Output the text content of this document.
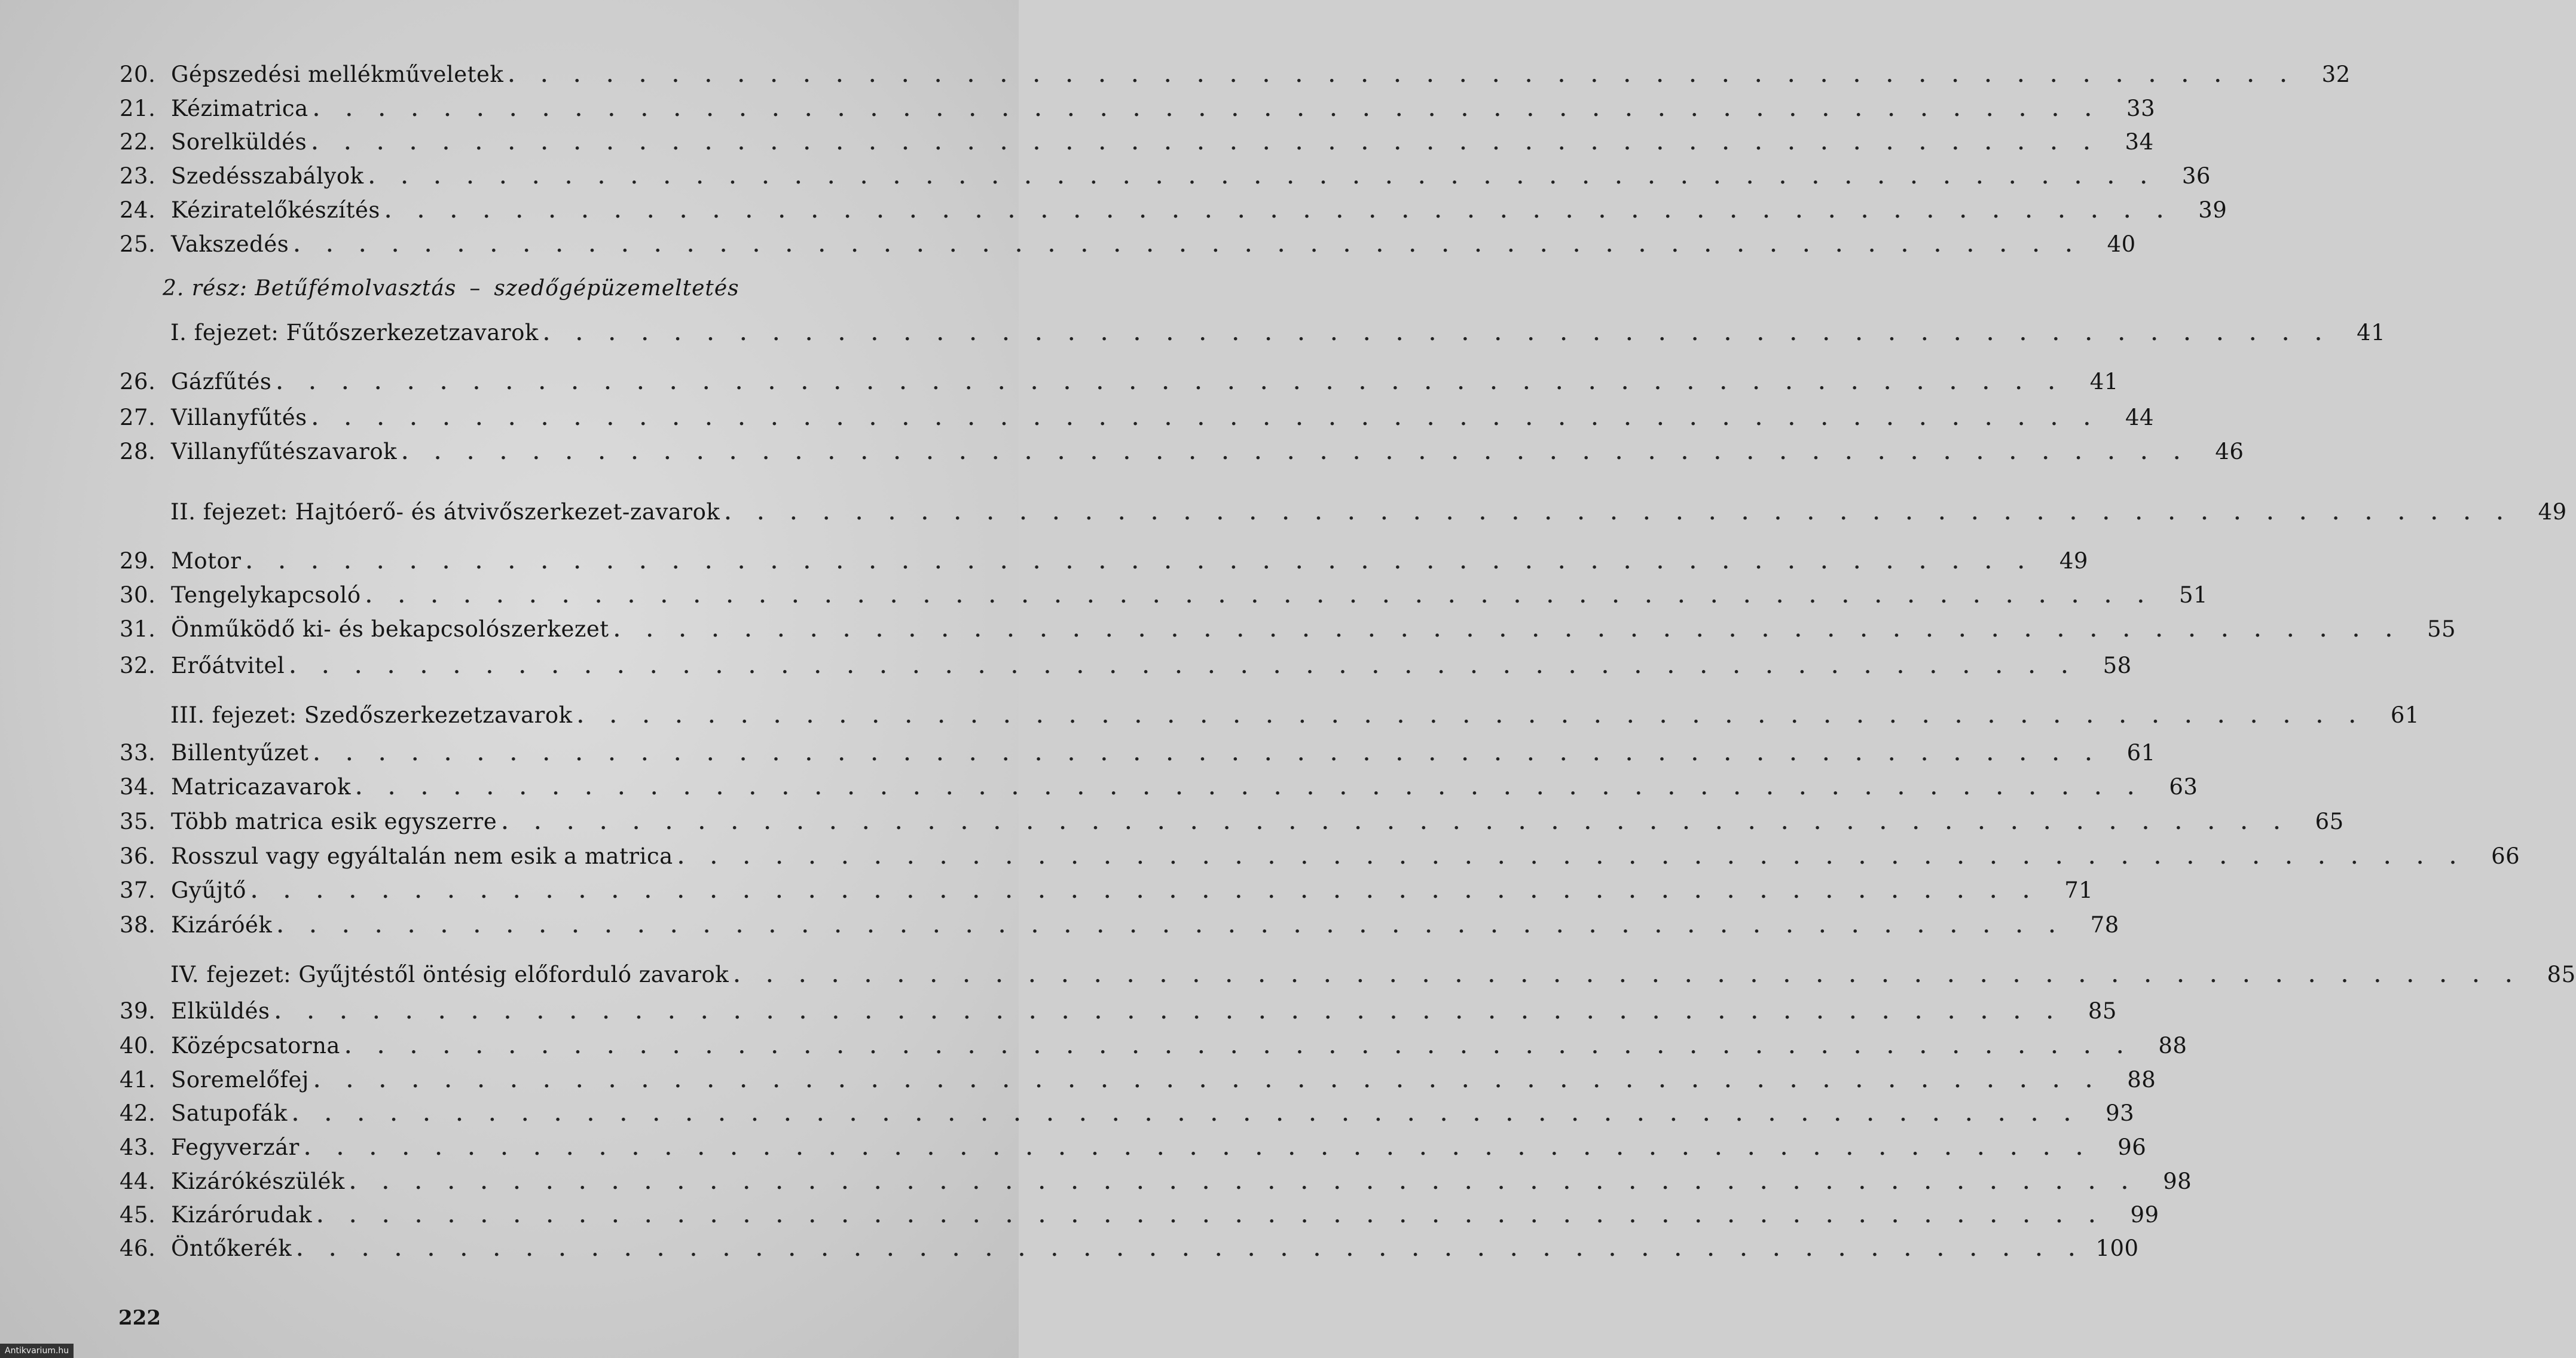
20. Gépszedési mellékműveletek . . . . . . . . . . . . . . . . . . . . . . . . . . . . . . . . . . . . . . . . . . . . . . . . . . . . . . .	32
21. Kézimatrica . . . . . . . . . . . . . . . . . . . . . . . . . . . . . . . . . . . . . . . . . . . . . . . . . . . . . . .	33
22. Sorelküldés . . . . . . . . . . . . . . . . . . . . . . . . . . . . . . . . . . . . . . . . . . . . . . . . . . . . . . .	34
23. Szedésszabályok . . . . . . . . . . . . . . . . . . . . . . . . . . . . . . . . . . . . . . . . . . . . . . . . . . . . . . .	36
24. Kéziratelőkészítés . . . . . . . . . . . . . . . . . . . . . . . . . . . . . . . . . . . . . . . . . . . . . . . . . . . . . . .	39
25. Vakszedés . . . . . . . . . . . . . . . . . . . . . . . . . . . . . . . . . . . . . . . . . . . . . . . . . . . . . . .	40
I. fejezet: Fűtőszerkezetzavarok . . . . . . . . . . . . . . . . . . . . . . . . . . . . . . . . . . . . . . . . . . . . . . . . . . . . . . .	41
26. Gázfűtés . . . . . . . . . . . . . . . . . . . . . . . . . . . . . . . . . . . . . . . . . . . . . . . . . . . . . . .	41
27. Villanyfűtés . . . . . . . . . . . . . . . . . . . . . . . . . . . . . . . . . . . . . . . . . . . . . . . . . . . . . . .	44
28. Villanyfűtészavarok . . . . . . . . . . . . . . . . . . . . . . . . . . . . . . . . . . . . . . . . . . . . . . . . . . . . . . .	46
II. fejezet: Hajtóerő- és átvivőszerkezet-zavarok . . . . . . . . . . . . . . . . . . . . . . . . . . . . . . . . . . . . . . . . . . . . . . . . . . . . . . .	49
29. Motor . . . . . . . . . . . . . . . . . . . . . . . . . . . . . . . . . . . . . . . . . . . . . . . . . . . . . . .	49
30. Tengelykapcsoló . . . . . . . . . . . . . . . . . . . . . . . . . . . . . . . . . . . . . . . . . . . . . . . . . . . . . . .	51
31. Önműködő ki- és bekapcsolószerkezet . . . . . . . . . . . . . . . . . . . . . . . . . . . . . . . . . . . . . . . . . . . . . . . . . . . . . . .	55
32. Erőátvitel . . . . . . . . . . . . . . . . . . . . . . . . . . . . . . . . . . . . . . . . . . . . . . . . . . . . . . .	58
III. fejezet: Szedőszerkezetzavarok . . . . . . . . . . . . . . . . . . . . . . . . . . . . . . . . . . . . . . . . . . . . . . . . . . . . . . .	61
33. Billentyűzet . . . . . . . . . . . . . . . . . . . . . . . . . . . . . . . . . . . . . . . . . . . . . . . . . . . . . . .	61
34. Matricazavarok . . . . . . . . . . . . . . . . . . . . . . . . . . . . . . . . . . . . . . . . . . . . . . . . . . . . . . .	63
35. Több matrica esik egyszerre . . . . . . . . . . . . . . . . . . . . . . . . . . . . . . . . . . . . . . . . . . . . . . . . . . . . . . .	65
36. Rosszul vagy egyáltalán nem esik a matrica . . . . . . . . . . . . . . . . . . . . . . . . . . . . . . . . . . . . . . . . . . . . . . . . . . . . . . .	66
37. Gyűjtő . . . . . . . . . . . . . . . . . . . . . . . . . . . . . . . . . . . . . . . . . . . . . . . . . . . . . . .	71
38. Kizáróék . . . . . . . . . . . . . . . . . . . . . . . . . . . . . . . . . . . . . . . . . . . . . . . . . . . . . . .	78
IV. fejezet: Gyűjtéstől öntésig előforduló zavarok . . . . . . . . . . . . . . . . . . . . . . . . . . . . . . . . . . . . . . . . . . . . . . . . . . . . . . .	85
39. Elküldés . . . . . . . . . . . . . . . . . . . . . . . . . . . . . . . . . . . . . . . . . . . . . . . . . . . . . . .	85
40. Középcsatorna . . . . . . . . . . . . . . . . . . . . . . . . . . . . . . . . . . . . . . . . . . . . . . . . . . . . . . .	88
41. Soremelőfej . . . . . . . . . . . . . . . . . . . . . . . . . . . . . . . . . . . . . . . . . . . . . . . . . . . . . . .	88
42. Satupofák . . . . . . . . . . . . . . . . . . . . . . . . . . . . . . . . . . . . . . . . . . . . . . . . . . . . . . .	93
43. Fegyverzár . . . . . . . . . . . . . . . . . . . . . . . . . . . . . . . . . . . . . . . . . . . . . . . . . . . . . . .	96
44. Kizárókészülék . . . . . . . . . . . . . . . . . . . . . . . . . . . . . . . . . . . . . . . . . . . . . . . . . . . . . . .	98
45. Kizárórudak . . . . . . . . . . . . . . . . . . . . . . . . . . . . . . . . . . . . . . . . . . . . . . . . . . . . . . .	99
46. Öntőkerék . . . . . . . . . . . . . . . . . . . . . . . . . . . . . . . . . . . . . . . . . . . . . . . . . . . . . . . 100
2. rész: Betűfémolvasztás – szedőgépüzemeltetés
222
Antikvarium.hu
